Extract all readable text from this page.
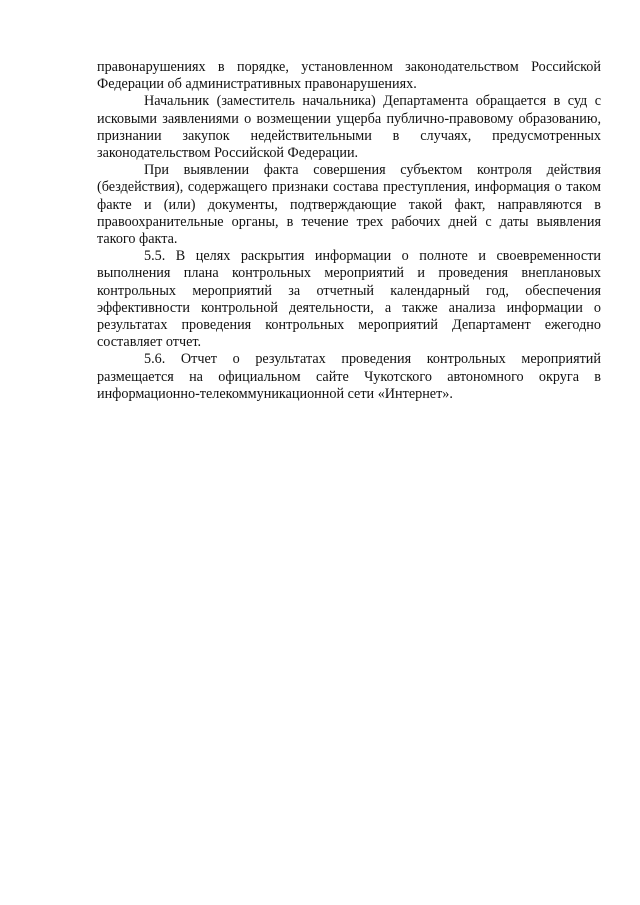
правонарушениях в порядке, установленном законодательством Российской Федерации об административных правонарушениях.

Начальник (заместитель начальника) Департамента обращается в суд с исковыми заявлениями о возмещении ущерба публично-правовому образованию, признании закупок недействительными в случаях, предусмотренных законодательством Российской Федерации.

При выявлении факта совершения субъектом контроля действия (бездействия), содержащего признаки состава преступления, информация о таком факте и (или) документы, подтверждающие такой факт, направляются в правоохранительные органы, в течение трех рабочих дней с даты выявления такого факта.

5.5. В целях раскрытия информации о полноте и своевременности выполнения плана контрольных мероприятий и проведения внеплановых контрольных мероприятий за отчетный календарный год, обеспечения эффективности контрольной деятельности, а также анализа информации о результатах проведения контрольных мероприятий Департамент ежегодно составляет отчет.

5.6. Отчет о результатах проведения контрольных мероприятий размещается на официальном сайте Чукотского автономного округа в информационно-телекоммуникационной сети «Интернет».
